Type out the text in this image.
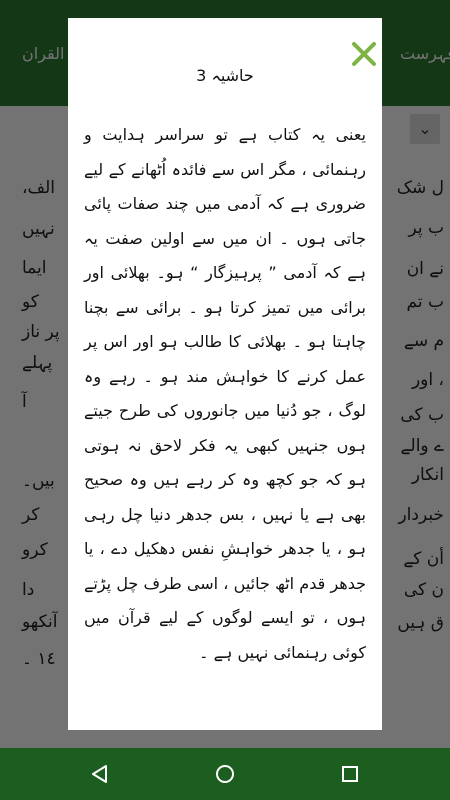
حاشیہ 3
یعنی یہ کتاب ہے تو سراسر ہدایت و رہنمائی ، مگر اس سے فائدہ اُٹھانے کے لیے ضروری ہے کہ آدمی میں چند صفات پائی جاتی ہوں ۔ ان میں سے اولین صفت یہ ہے کہ آدمی ” پرہیزگار “ ہو۔ بھلائی اور برائی میں تمیز کرتا ہو ۔ برائی سے بچنا چاہتا ہو ۔ بھلائی کا طالب ہو اور اس پر عمل کرنے کا خواہش مند ہو ۔ رہے وہ لوگ ، جو دُنیا میں جانوروں کی طرح جیتے ہوں جنہیں کبھی یہ فکر لاحق نہ ہوتی ہو کہ جو کچھ وہ کر رہے ہیں وہ صحیح بھی ہے یا نہیں ، بس جدھر دنیا چل رہی ہو ، یا جدھر خواہشِ نفس دھکیل دے ، یا جدھر قدم اٹھ جائیں ، اسی طرف چل پڑتے ہوں ، تو ایسے لوگوں کے لیے قرآن میں کوئی رہنمائی نہیں ہے ۔
